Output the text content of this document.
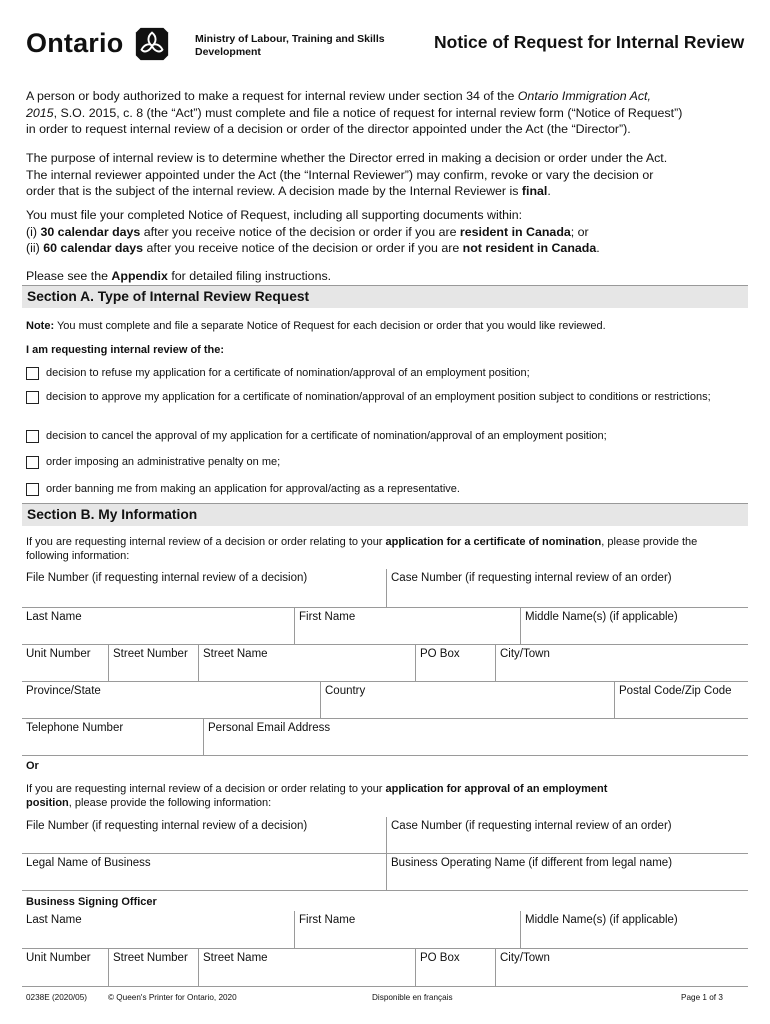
Ontario	Ministry of Labour, Training and Skills Development	Notice of Request for Internal Review
A person or body authorized to make a request for internal review under section 34 of the Ontario Immigration Act,
2015, S.O. 2015, c. 8 (the “Act”) must complete and file a notice of request for internal review form (“Notice of Request”)
in order to request internal review of a decision or order of the director appointed under the Act (the “Director”).
The purpose of internal review is to determine whether the Director erred in making a decision or order under the Act.
The internal reviewer appointed under the Act (the “Internal Reviewer”) may confirm, revoke or vary the decision or
order that is the subject of the internal review. A decision made by the Internal Reviewer is final.
You must file your completed Notice of Request, including all supporting documents within:
(i) 30 calendar days after you receive notice of the decision or order if you are resident in Canada; or
(ii) 60 calendar days after you receive notice of the decision or order if you are not resident in Canada.
Please see the Appendix for detailed filing instructions.
Section A. Type of Internal Review Request
Note: You must complete and file a separate Notice of Request for each decision or order that you would like reviewed.
I am requesting internal review of the:
decision to refuse my application for a certificate of nomination/approval of an employment position;
decision to approve my application for a certificate of nomination/approval of an employment position subject to conditions or restrictions;
decision to cancel the approval of my application for a certificate of nomination/approval of an employment position;
order imposing an administrative penalty on me;
order banning me from making an application for approval/acting as a representative.
Section B. My Information
If you are requesting internal review of a decision or order relating to your application for a certificate of nomination, please provide the following information:
File Number (if requesting internal review of a decision)	Case Number (if requesting internal review of an order)
Last Name	First Name	Middle Name(s) (if applicable)
Unit Number	Street Number	Street Name	PO Box	City/Town
Province/State	Country	Postal Code/Zip Code
Telephone Number	Personal Email Address
Or
If you are requesting internal review of a decision or order relating to your application for approval of an employment
position, please provide the following information:
File Number (if requesting internal review of a decision)	Case Number (if requesting internal review of an order)
Legal Name of Business	Business Operating Name (if different from legal name)
Business Signing Officer
Last Name	First Name	Middle Name(s) (if applicable)
Unit Number	Street Number	Street Name	PO Box	City/Town
0238E (2020/05)	© Queen's Printer for Ontario, 2020	Disponible en français	Page 1 of 3
